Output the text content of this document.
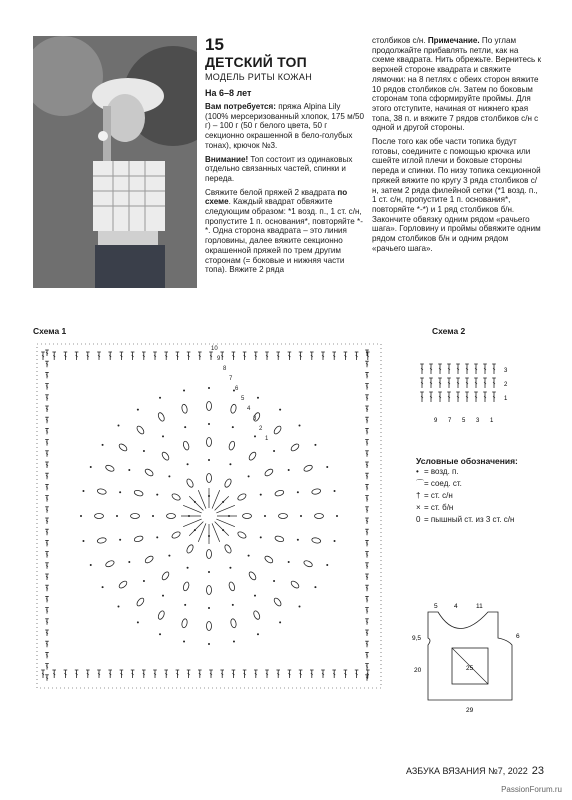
15
ДЕТСКИЙ ТОП
МОДЕЛЬ РИТЫ КОЖАН
На 6–8 лет
Вам потребуется: пряжа Alpina Lily (100% мерсеризованный хлопок, 175 м/50 г) – 100 г (50 г белого цвета, 50 г секционно окрашенной в бело-голубых тонах), крючок №3.
Внимание! Топ состоит из одинаковых отдельно связанных частей, спинки и переда.
Свяжите белой пряжей 2 квадрата по схеме. Каждый квадрат обвяжите следующим образом: *1 возд. п., 1 ст. с/н, пропустите 1 п. основания*, повторяйте *-*. Одна сторона квадрата – это линия горловины, далее вяжите секционно окрашенной пряжей по трем другим сторонам (= боковые и нижняя части топа). Вяжите 2 ряда
столбиков с/н. Примечание. По углам продолжайте прибавлять петли, как на схеме квадрата. Нить обрежьте. Вернитесь к верхней стороне квадрата и свяжите лямочки: на 8 петлях с обеих сторон вяжите 10 рядов столбиков с/н. Затем по боковым сторонам топа сформируйте проймы. Для этого отступите, начиная от нижнего края топа, 38 п. и вяжите 7 рядов столбиков с/н с одной и другой стороны.
После того как обе части топика будут готовы, соедините с помощью крючка или сшейте иглой плечи и боковые стороны переда и спинки. По низу топика секционной пряжей вяжите по кругу 3 ряда столбиков с/н, затем 2 ряда филейной сетки (*1 возд. п., 1 ст. с/н, пропустите 1 п. основания*, повторяйте *-*) и 1 ряд столбиков б/н. Закончите обвязку одним рядом «рачьего шага». Горловину и проймы обвяжите одним рядом столбиков б/н и одним рядом «рачьего шага».
Схема 1
10
9
8
7
6
5
4
3
2
1
Схема 2
3
2
1
9 7 5 3 1
Условные обозначения:
• = возд. п.
⌒= соед. ст.
† = ст. с/н
× = ст. б/н
0 = пышный ст. из 3 ст. с/н
5	4	11
9,5	6
20	25
29
АЗБУКА ВЯЗАНИЯ №7, 2022 23
PassionForum.ru
